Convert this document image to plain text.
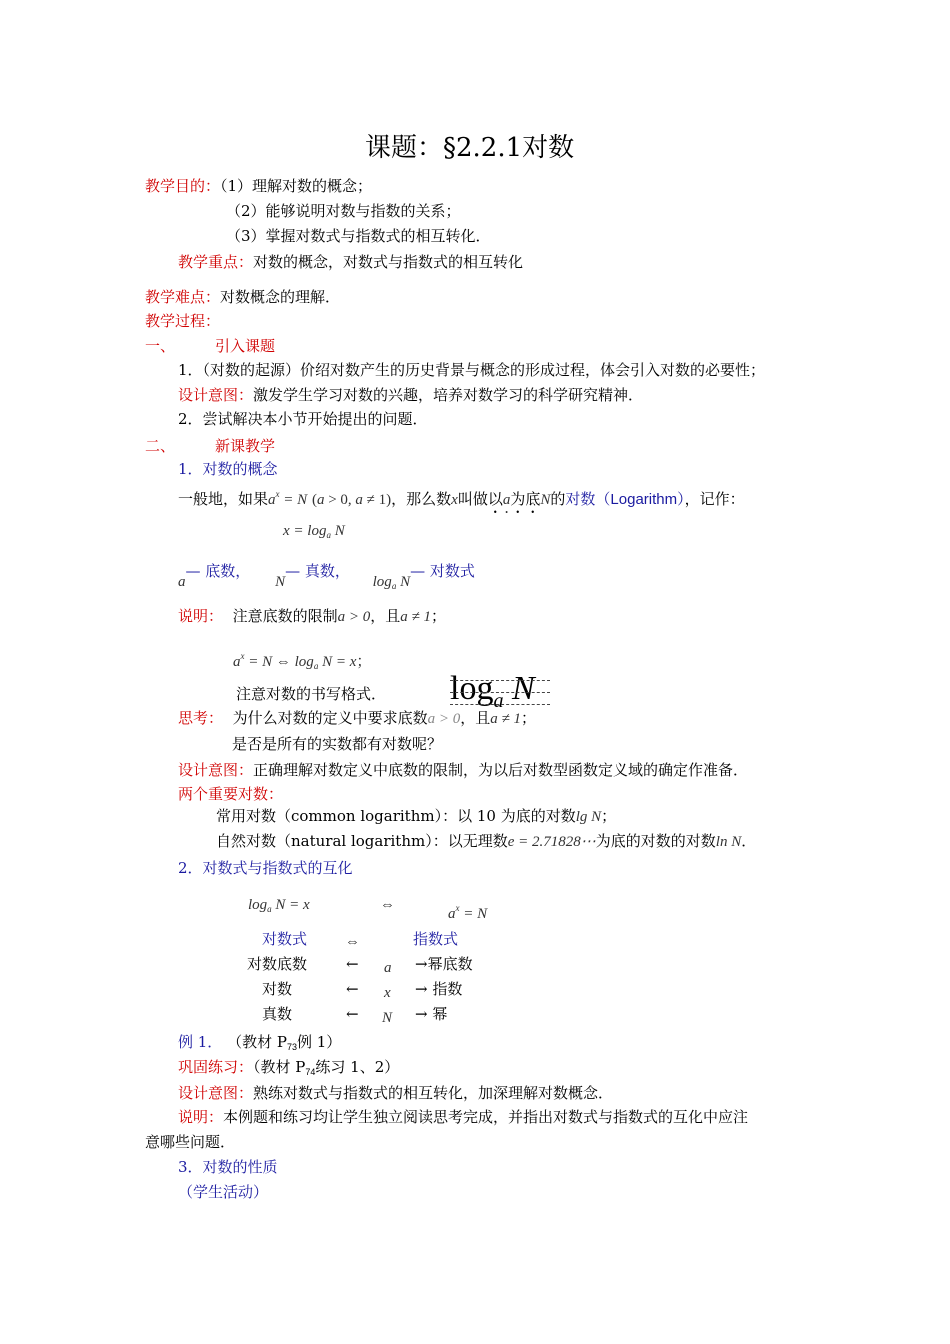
课题：§2.2.1对数
教学目的：（1）理解对数的概念；
（2）能够说明对数与指数的关系；
（3）掌握对数式与指数式的相互转化．
教学重点：对数的概念，对数式与指数式的相互转化
教学难点：对数概念的理解．
教学过程：
一、	引入课题
1．（对数的起源）价绍对数产生的历史背景与概念的形成过程，体会引入对数的必要性；
设计意图：激发学生学习对数的兴趣，培养对数学习的科学研究精神．
2．尝试解决本小节开始提出的问题．
二、	新课教学
1．对数的概念
一般地，如果$a^x = N$ (a > 0, a ≠ 1)，那么数x叫做以a为底N的对数（Logarithm），记作：
$x = \log_a N$
a— 底数， N— 真数， $\log_a$ N— 对数式
说明： 注意底数的限制a > 0，且a ≠ 1；
$a^x = N$ ⇔ $\log_a N = x$；
注意对数的书写格式． $\log_a N$
思考： 为什么对数的定义中要求底数a > 0，且a ≠ 1；
是否是所有的实数都有对数呢？
设计意图：正确理解对数定义中底数的限制，为以后对数型函数定义域的确定作准备．
两个重要对数：
常用对数（common logarithm）：以 10 为底的对数lg N；
自然对数（natural logarithm）：以无理数e = 2.71828⋯为底的对数的对数ln N．
2．对数式与指数式的互化
$\log_a N = x$	⇔
$a^x = N$
对数式	⇔	指数式
对数底数	← a →幂底数
对数	← x → 指数
真数	← N → 幂
例 1． （教材 $P_{73}$例 1）
巩固练习：（教材 $P_{74}$练习 1、2）
设计意图：熟练对数式与指数式的相互转化，加深理解对数概念．
说明：本例题和练习均让学生独立阅读思考完成，并指出对数式与指数式的互化中应注
意哪些问题．
3．对数的性质
（学生活动）
